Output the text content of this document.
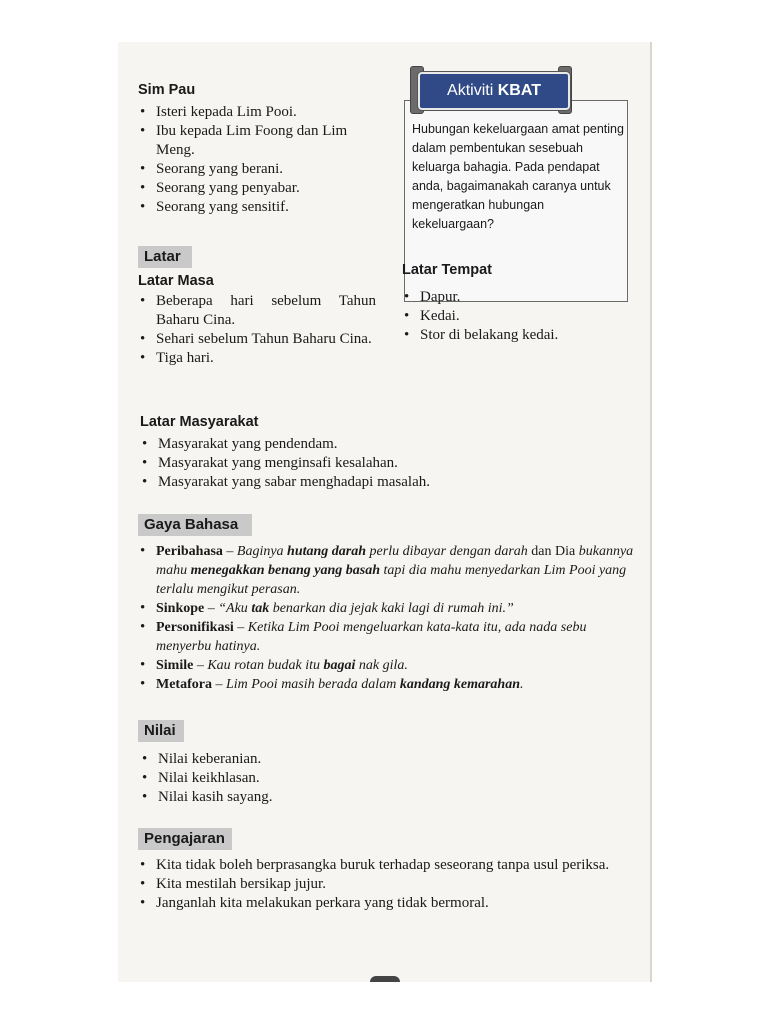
Sim Pau
• Isteri kepada Lim Pooi.
• Ibu kepada Lim Foong dan Lim Meng.
• Seorang yang berani.
• Seorang yang penyabar.
• Seorang yang sensitif.
Aktiviti KBAT
Hubungan kekeluargaan amat penting dalam pembentukan sesebuah keluarga bahagia. Pada pendapat anda, bagaimanakah caranya untuk mengeratkan hubungan kekeluargaan?
Latar
Latar Masa
• Beberapa hari sebelum Tahun Baharu Cina.
• Sehari sebelum Tahun Baharu Cina.
• Tiga hari.
Latar Tempat
• Dapur.
• Kedai.
• Stor di belakang kedai.
Latar Masyarakat
• Masyarakat yang pendendam.
• Masyarakat yang menginsafi kesalahan.
• Masyarakat yang sabar menghadapi masalah.
Gaya Bahasa
• Peribahasa – Baginya hutang darah perlu dibayar dengan darah dan Dia bukannya mahu menegakkan benang yang basah tapi dia mahu menyedarkan Lim Pooi yang terlalu mengikut perasan.
• Sinkope – “Aku tak benarkan dia jejak kaki lagi di rumah ini.”
• Personifikasi – Ketika Lim Pooi mengeluarkan kata-kata itu, ada nada sebu menyerbu hatinya.
• Simile – Kau rotan budak itu bagai nak gila.
• Metafora – Lim Pooi masih berada dalam kandang kemarahan.
Nilai
• Nilai keberanian.
• Nilai keikhlasan.
• Nilai kasih sayang.
Pengajaran
• Kita tidak boleh berprasangka buruk terhadap seseorang tanpa usul periksa.
• Kita mestilah bersikap jujur.
• Janganlah kita melakukan perkara yang tidak bermoral.
